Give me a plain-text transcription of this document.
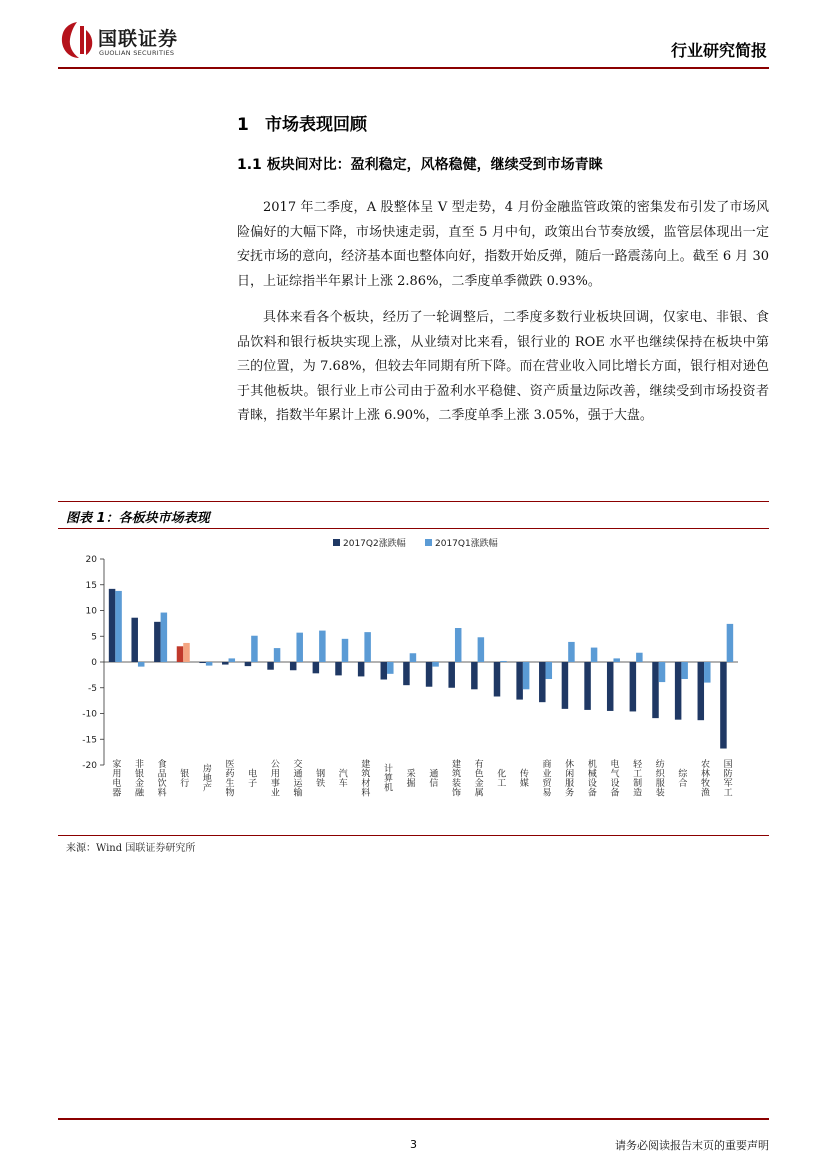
国联证券
GUOLIAN SECURITIES	行业研究简报
1 市场表现回顾
1.1 板块间对比：盈利稳定，风格稳健，继续受到市场青睐

2017 年二季度，A 股整体呈 V 型走势，4 月份金融监管政策的密集发布引发了市场风险偏好的大幅下降，市场快速走弱，直至 5 月中旬，政策出台节奏放缓，监管层体现出一定安抚市场的意向，经济基本面也整体向好，指数开始反弹，随后一路震荡向上。截至 6 月 30 日，上证综指半年累计上涨 2.86%，二季度单季微跌 0.93%。

具体来看各个板块，经历了一轮调整后，二季度多数行业板块回调，仅家电、非银、食品饮料和银行板块实现上涨，从业绩对比来看，银行业的 ROE 水平也继续保持在板块中第三的位置，为 7.68%，但较去年同期有所下降。而在营业收入同比增长方面，银行相对逊色于其他板块。银行业上市公司由于盈利水平稳健、资产质量边际改善，继续受到市场投资者青睐，指数半年累计上涨 6.90%，二季度单季上涨 3.05%，强于大盘。

图表 1：各板块市场表现
2017Q2涨跌幅	2017Q1涨跌幅
20
15
10
5
0
-5
-10
-15
-20 家用电器 非银金融 食品饮料 银行 房地产 医药生物 电子 公用事业 交通运输 钢铁 汽车 建筑材料 计算机 采掘 通信 建筑装饰 有色金属 化工 传媒 商业贸易 休闲服务 机械设备 电气设备 轻工制造 纺织服装 综合 农林牧渔 国防军工
来源：Wind 国联证券研究所
3	请务必阅读报告末页的重要声明
